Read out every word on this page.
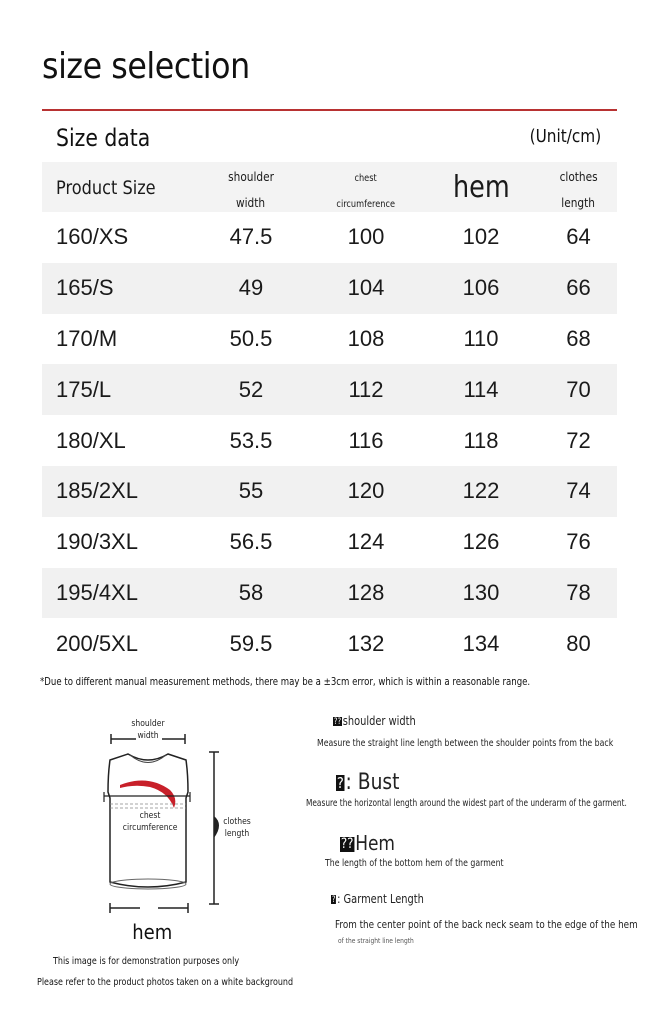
size selection
Size data	(Unit/cm)
Product Size	shoulder
width
chest
circumference	hem	clothes
length
160/XS	47.5	100	102	64
165/S	49	104	106	66
170/M	50.5	108	110	68
175/L	52	112	114	70
180/XL	53.5	116	118	72
185/2XL	55	120	122	74
190/3XL	56.5	124	126	76
195/4XL	58	128	130	78
200/5XL	59.5	132	134	80
*Due to different manual measurement methods, there may be a ±3cm error, which is within a reasonable range.
shoulder
width
chest
circumference
clothes
length
hem
This image is for demonstration purposes only
Please refer to the product photos taken on a white background
?? shoulder width
Measure the straight line length between the shoulder points from the back
?: Bust
Measure the horizontal length around the widest part of the underarm of the garment.
??Hem
The length of the bottom hem of the garment
? : Garment Length
From the center point of the back neck seam to the edge of the hem
of the straight line length
